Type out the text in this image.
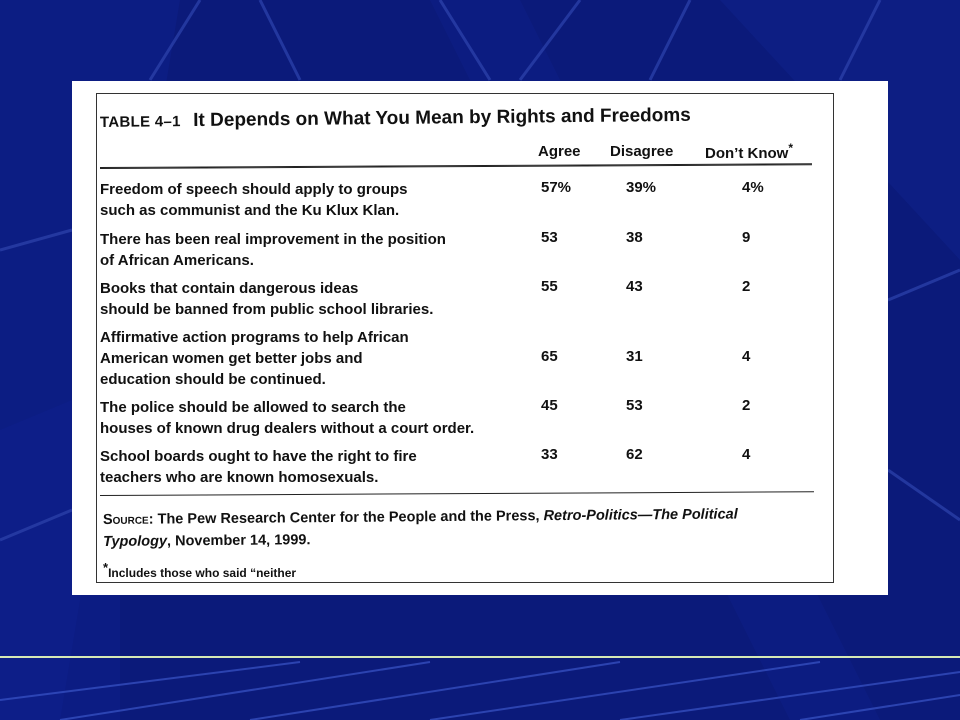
TABLE 4–1 It Depends on What You Mean by Rights and Freedoms
Agree Disagree Don’t Know*
Freedom of speech should apply to groups
such as communist and the Ku Klux Klan.
57%	39%	4%
There has been real improvement in the position
of African Americans.
53	38	9
Books that contain dangerous ideas
should be banned from public school libraries.
55	43	2
Affirmative action programs to help African
American women get better jobs and
education should be continued.
65	31	4
The police should be allowed to search the
houses of known drug dealers without a court order.
45	53	2
School boards ought to have the right to fire
teachers who are known homosexuals.
33	62	4
Source: The Pew Research Center for the People and the Press, Retro-Politics—The Political
Typology, November 14, 1999.
*Includes those who said “neither
